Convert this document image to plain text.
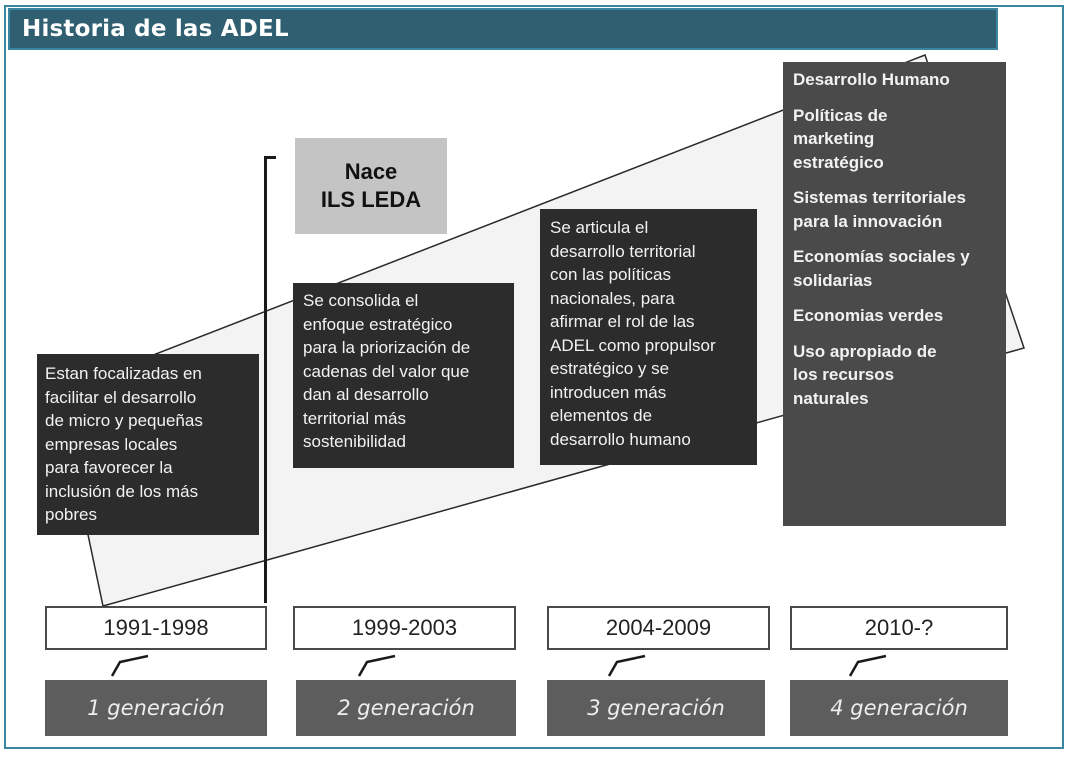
Historia de las ADEL
Nace
ILS LEDA
Estan focalizadas en
facilitar el desarrollo
de micro y pequeñas
empresas locales
para favorecer la
inclusión de los más
pobres
Se consolida el
enfoque estratégico
para la priorización de
cadenas del valor que
dan al desarrollo
territorial más
sostenibilidad
Se articula el
desarrollo territorial
con las políticas
nacionales, para
afirmar el rol de las
ADEL como propulsor
estratégico y se
introducen más
elementos de
desarrollo humano
Desarrollo Humano
Políticas de marketing estratégico
Sistemas territoriales para la innovación
Economías sociales y solidarias
Economias verdes
Uso apropiado de los recursos naturales
1991-1998	1999-2003	2004-2009	2010-?
1 generación	2 generación	3 generación	4 generación
